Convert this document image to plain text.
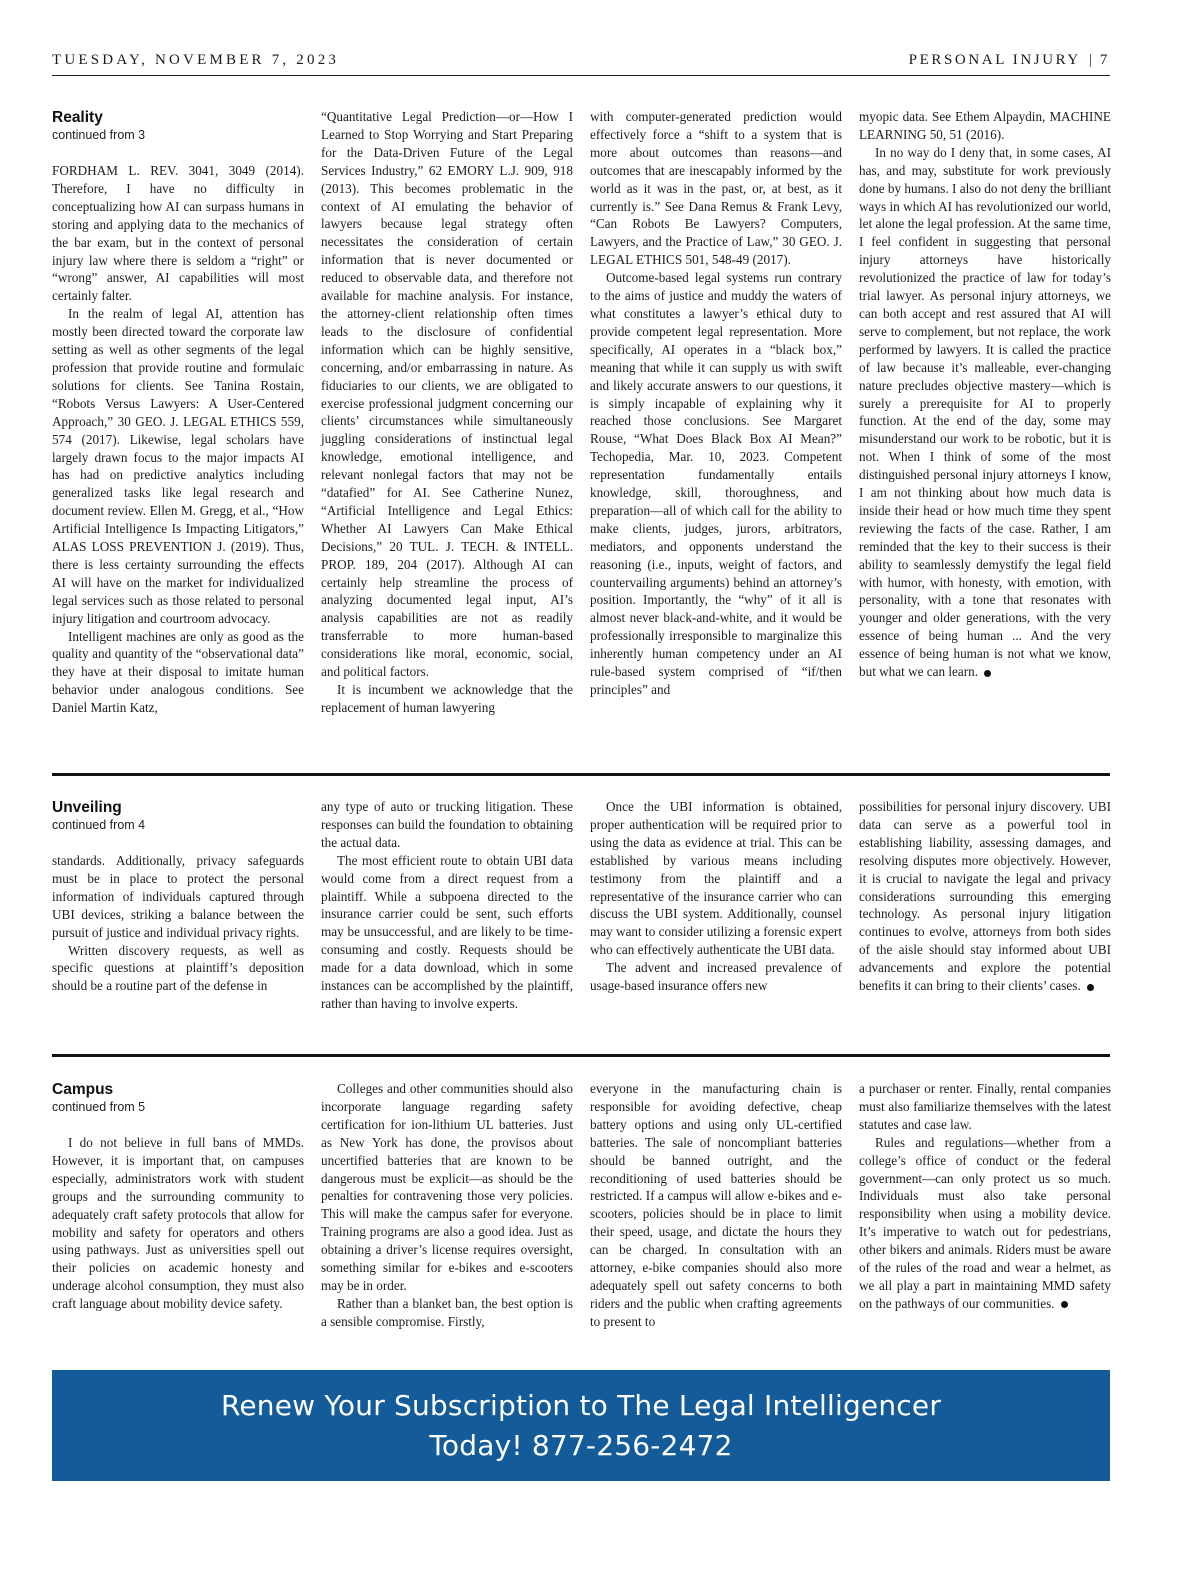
TUESDAY, NOVEMBER 7, 2023	PERSONAL INJURY | 7
Reality
continued from 3

FORDHAM L. REV. 3041, 3049 (2014). Therefore, I have no difficulty in conceptualizing how AI can surpass humans in storing and applying data to the mechanics of the bar exam, but in the context of personal injury law where there is seldom a “right” or “wrong” answer, AI capabilities will most certainly falter.

In the realm of legal AI, attention has mostly been directed toward the corporate law setting as well as other segments of the legal profession that provide routine and formulaic solutions for clients. See Tanina Rostain, “Robots Versus Lawyers: A User-Centered Approach,” 30 GEO. J. LEGAL ETHICS 559, 574 (2017). Likewise, legal scholars have largely drawn focus to the major impacts AI has had on predictive analytics including generalized tasks like legal research and document review. Ellen M. Gregg, et al., “How Artificial Intelligence Is Impacting Litigators,” ALAS LOSS PREVENTION J. (2019). Thus, there is less certainty surrounding the effects AI will have on the market for individualized legal services such as those related to personal injury litigation and courtroom advocacy.

Intelligent machines are only as good as the quality and quantity of the “observational data” they have at their disposal to imitate human behavior under analogous conditions. See Daniel Martin Katz,

“Quantitative Legal Prediction—or—How I Learned to Stop Worrying and Start Preparing for the Data-Driven Future of the Legal Services Industry,” 62 EMORY L.J. 909, 918 (2013). This becomes problematic in the context of AI emulating the behavior of lawyers because legal strategy often necessitates the consideration of certain information that is never documented or reduced to observable data, and therefore not available for machine analysis. For instance, the attorney-client relationship often times leads to the disclosure of confidential information which can be highly sensitive, concerning, and/or embarrassing in nature. As fiduciaries to our clients, we are obligated to exercise professional judgment concerning our clients’ circumstances while simultaneously juggling considerations of instinctual legal knowledge, emotional intelligence, and relevant nonlegal factors that may not be “datafied” for AI. See Catherine Nunez, “Artificial Intelligence and Legal Ethics: Whether AI Lawyers Can Make Ethical Decisions,” 20 TUL. J. TECH. & INTELL. PROP. 189, 204 (2017). Although AI can certainly help streamline the process of analyzing documented legal input, AI’s analysis capabilities are not as readily transferrable to more human-based considerations like moral, economic, social, and political factors.

It is incumbent we acknowledge that the replacement of human lawyering

with computer-generated prediction would effectively force a “shift to a system that is more about outcomes than reasons—and outcomes that are inescapably informed by the world as it was in the past, or, at best, as it currently is.” See Dana Remus & Frank Levy, “Can Robots Be Lawyers? Computers, Lawyers, and the Practice of Law,” 30 GEO. J. LEGAL ETHICS 501, 548-49 (2017).

Outcome-based legal systems run contrary to the aims of justice and muddy the waters of what constitutes a lawyer’s ethical duty to provide competent legal representation. More specifically, AI operates in a “black box,” meaning that while it can supply us with swift and likely accurate answers to our questions, it is simply incapable of explaining why it reached those conclusions. See Margaret Rouse, “What Does Black Box AI Mean?” Techopedia, Mar. 10, 2023. Competent representation fundamentally entails knowledge, skill, thoroughness, and preparation—all of which call for the ability to make clients, judges, jurors, arbitrators, mediators, and opponents understand the reasoning (i.e., inputs, weight of factors, and countervailing arguments) behind an attorney’s position. Importantly, the “why” of it all is almost never black-and-white, and it would be professionally irresponsible to marginalize this inherently human competency under an AI rule-based system comprised of “if/then principles” and

myopic data. See Ethem Alpaydin, MACHINE LEARNING 50, 51 (2016).

In no way do I deny that, in some cases, AI has, and may, substitute for work previously done by humans. I also do not deny the brilliant ways in which AI has revolutionized our world, let alone the legal profession. At the same time, I feel confident in suggesting that personal injury attorneys have historically revolutionized the practice of law for today’s trial lawyer. As personal injury attorneys, we can both accept and rest assured that AI will serve to complement, but not replace, the work performed by lawyers. It is called the practice of law because it’s malleable, ever-changing nature precludes objective mastery—which is surely a prerequisite for AI to properly function. At the end of the day, some may misunderstand our work to be robotic, but it is not. When I think of some of the most distinguished personal injury attorneys I know, I am not thinking about how much data is inside their head or how much time they spent reviewing the facts of the case. Rather, I am reminded that the key to their success is their ability to seamlessly demystify the legal field with humor, with honesty, with emotion, with personality, with a tone that resonates with younger and older generations, with the very essence of being human ... And the very essence of being human is not what we know, but what we can learn.

Unveiling
continued from 4

standards. Additionally, privacy safeguards must be in place to protect the personal information of individuals captured through UBI devices, striking a balance between the pursuit of justice and individual privacy rights.

Written discovery requests, as well as specific questions at plaintiff’s deposition should be a routine part of the defense in

any type of auto or trucking litigation. These responses can build the foundation to obtaining the actual data.

The most efficient route to obtain UBI data would come from a direct request from a plaintiff. While a subpoena directed to the insurance carrier could be sent, such efforts may be unsuccessful, and are likely to be time-consuming and costly. Requests should be made for a data download, which in some instances can be accomplished by the plaintiff, rather than having to involve experts.

Once the UBI information is obtained, proper authentication will be required prior to using the data as evidence at trial. This can be established by various means including testimony from the plaintiff and a representative of the insurance carrier who can discuss the UBI system. Additionally, counsel may want to consider utilizing a forensic expert who can effectively authenticate the UBI data.

The advent and increased prevalence of usage-based insurance offers new

possibilities for personal injury discovery. UBI data can serve as a powerful tool in establishing liability, assessing damages, and resolving disputes more objectively. However, it is crucial to navigate the legal and privacy considerations surrounding this emerging technology. As personal injury litigation continues to evolve, attorneys from both sides of the aisle should stay informed about UBI advancements and explore the potential benefits it can bring to their clients’ cases.

Campus
continued from 5

I do not believe in full bans of MMDs. However, it is important that, on campuses especially, administrators work with student groups and the surrounding community to adequately craft safety protocols that allow for mobility and safety for operators and others using pathways. Just as universities spell out their policies on academic honesty and underage alcohol consumption, they must also craft language about mobility device safety.

Colleges and other communities should also incorporate language regarding safety certification for ion-lithium UL batteries. Just as New York has done, the provisos about uncertified batteries that are known to be dangerous must be explicit—as should be the penalties for contravening those very policies. This will make the campus safer for everyone. Training programs are also a good idea. Just as obtaining a driver’s license requires oversight, something similar for e-bikes and e-scooters may be in order.

Rather than a blanket ban, the best option is a sensible compromise. Firstly,

everyone in the manufacturing chain is responsible for avoiding defective, cheap battery options and using only UL-certified batteries. The sale of noncompliant batteries should be banned outright, and the reconditioning of used batteries should be restricted. If a campus will allow e-bikes and e-scooters, policies should be in place to limit their speed, usage, and dictate the hours they can be charged. In consultation with an attorney, e-bike companies should also more adequately spell out safety concerns to both riders and the public when crafting agreements to present to

a purchaser or renter. Finally, rental companies must also familiarize themselves with the latest statutes and case law.

Rules and regulations—whether from a college’s office of conduct or the federal government—can only protect us so much. Individuals must also take personal responsibility when using a mobility device. It’s imperative to watch out for pedestrians, other bikers and animals. Riders must be aware of the rules of the road and wear a helmet, as we all play a part in maintaining MMD safety on the pathways of our communities.

Renew Your Subscription to The Legal Intelligencer
Today! 877-256-2472
